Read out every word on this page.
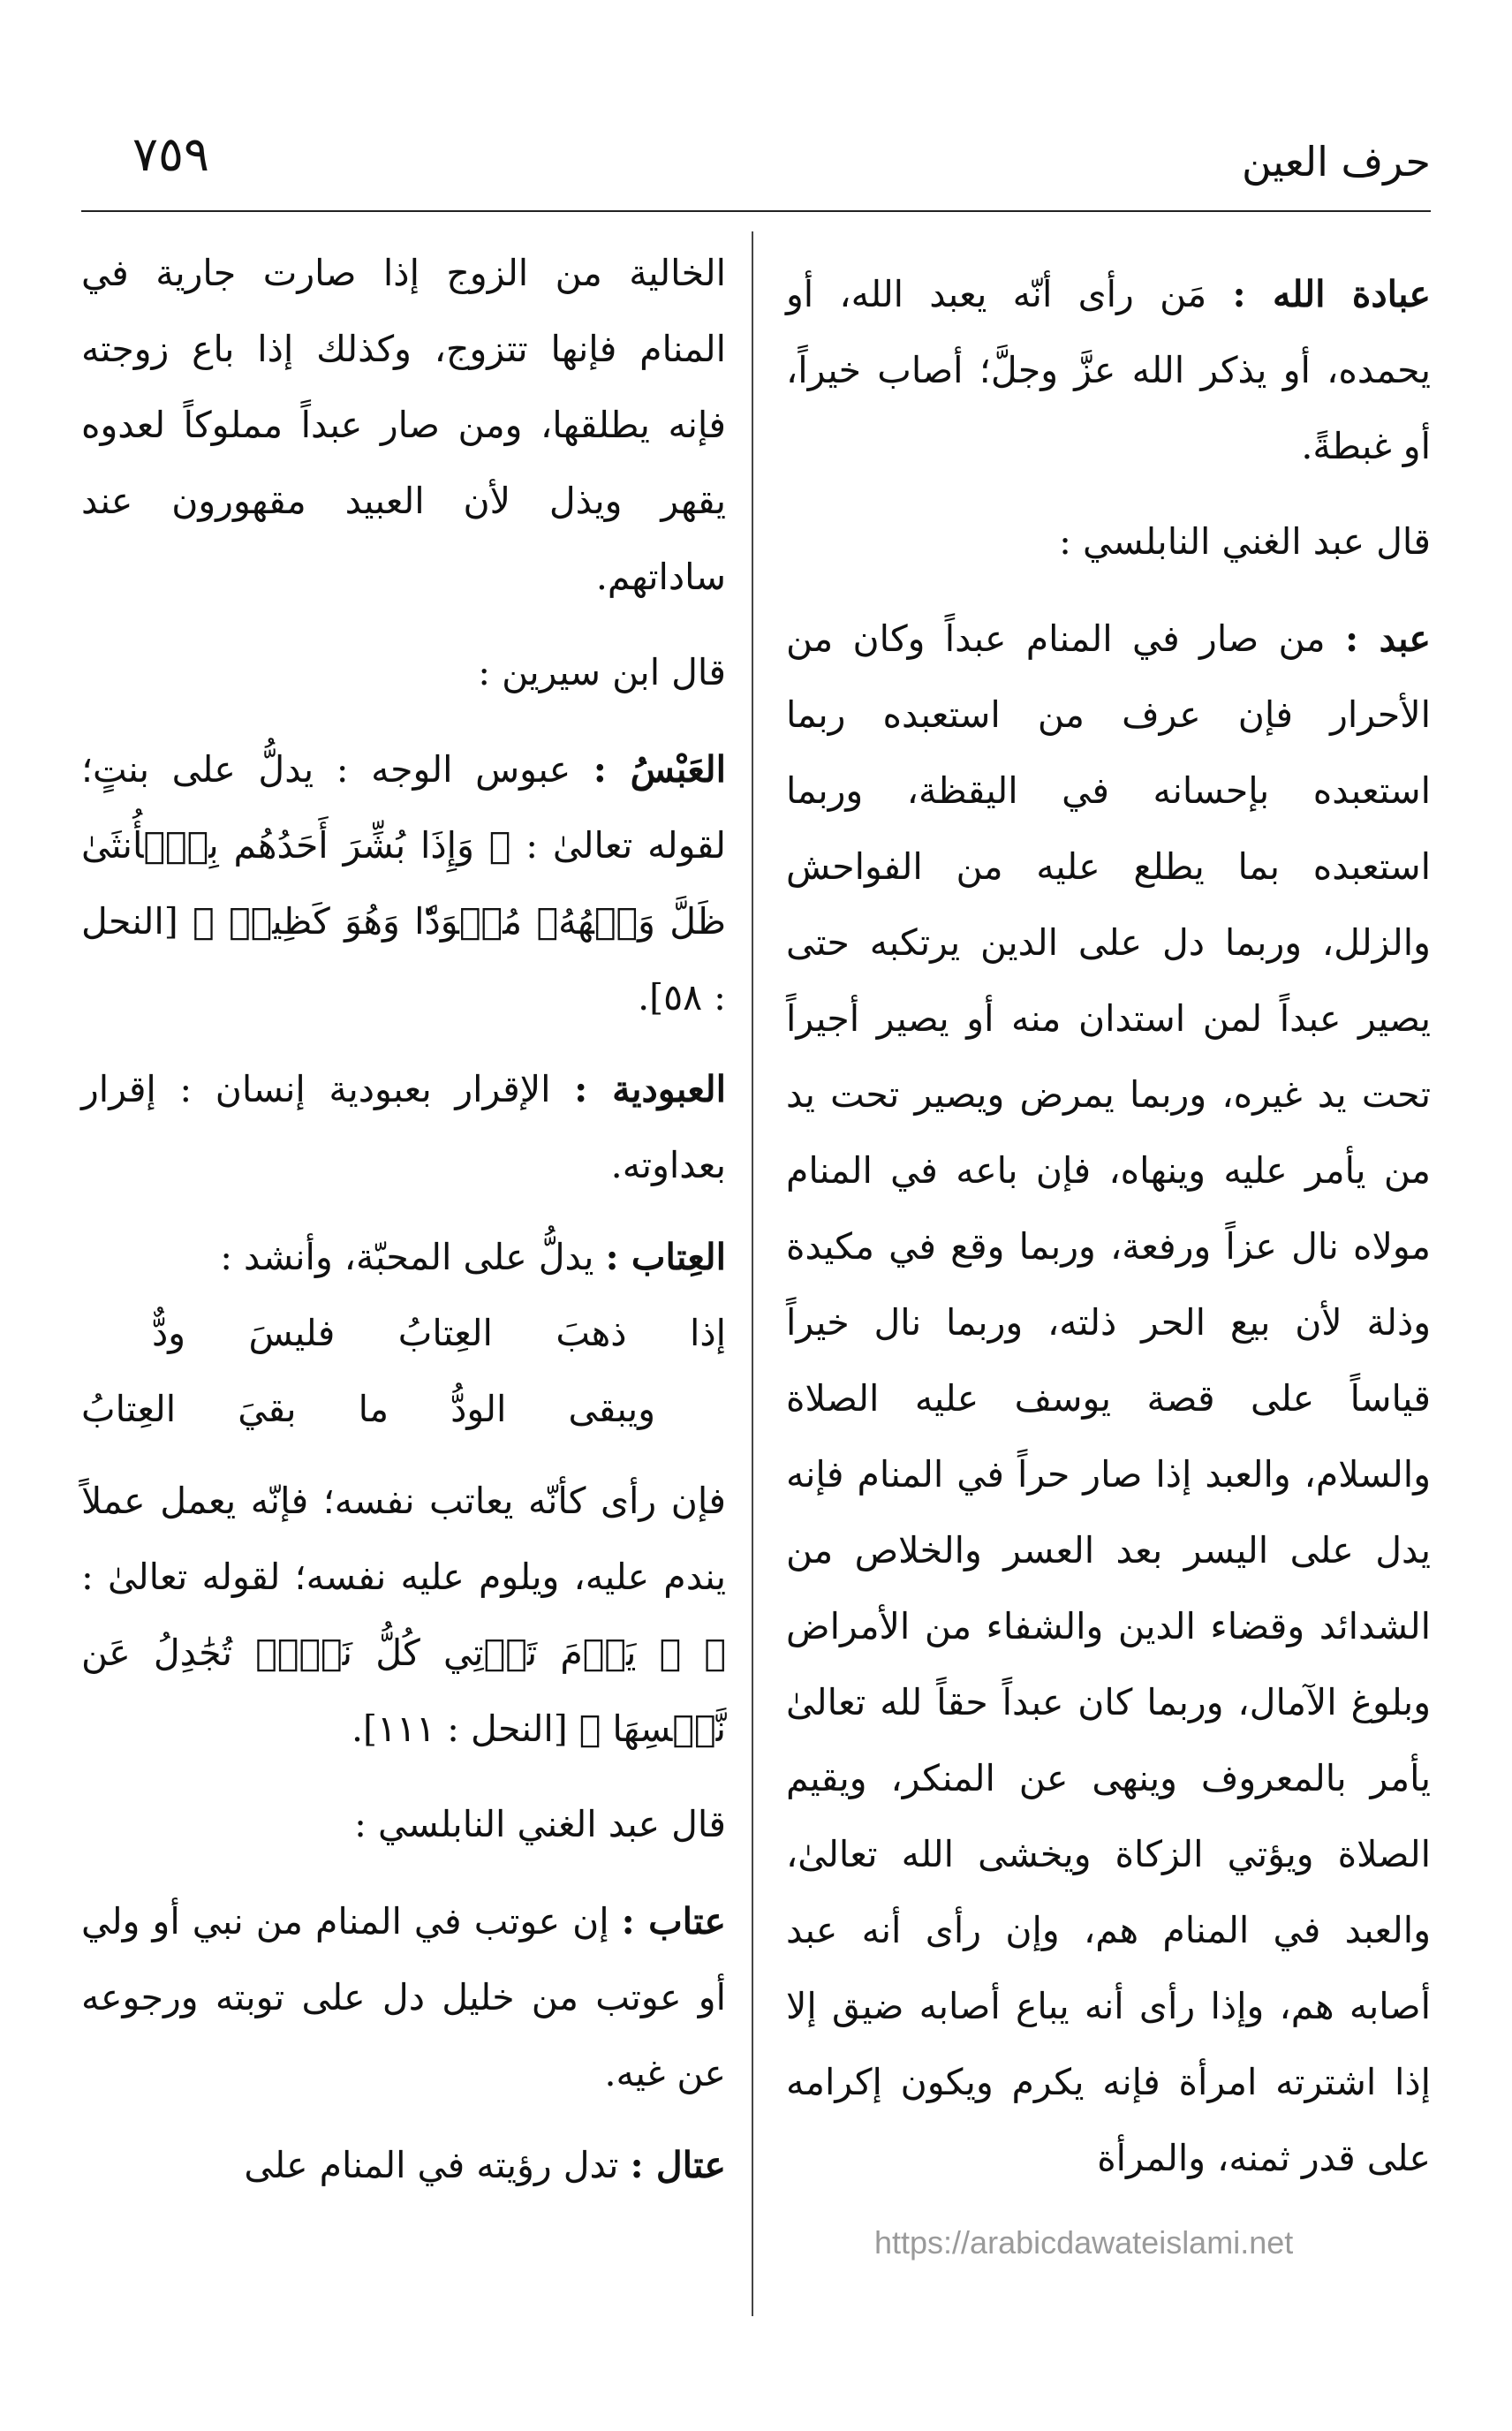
حرف العين
٧٥٩

عبادة الله : مَن رأى أنّه يعبد الله، أو يحمده، أو يذكر الله عزَّ وجلَّ؛ أصاب خيراً، أو غبطةً.

قال عبد الغني النابلسي :

عبد : من صار في المنام عبداً وكان من الأحرار فإن عرف من استعبده ربما استعبده بإحسانه في اليقظة، وربما استعبده بما يطلع عليه من الفواحش والزلل، وربما دل على الدين يرتكبه حتى يصير عبداً لمن استدان منه أو يصير أجيراً تحت يد غيره، وربما يمرض ويصير تحت يد من يأمر عليه وينهاه، فإن باعه في المنام مولاه نال عزاً ورفعة، وربما وقع في مكيدة وذلة لأن بيع الحر ذلته، وربما نال خيراً قياساً على قصة يوسف عليه الصلاة والسلام، والعبد إذا صار حراً في المنام فإنه يدل على اليسر بعد العسر والخلاص من الشدائد وقضاء الدين والشفاء من الأمراض وبلوغ الآمال، وربما كان عبداً حقاً لله تعالىٰ يأمر بالمعروف وينهى عن المنكر، ويقيم الصلاة ويؤتي الزكاة ويخشى الله تعالىٰ، والعبد في المنام هم، وإن رأى أنه عبد أصابه هم، وإذا رأى أنه يباع أصابه ضيق إلا إذا اشترته امرأة فإنه يكرم ويكون إكرامه على قدر ثمنه، والمرأة

الخالية من الزوج إذا صارت جارية في المنام فإنها تتزوج، وكذلك إذا باع زوجته فإنه يطلقها، ومن صار عبداً مملوكاً لعدوه يقهر ويذل لأن العبيد مقهورون عند ساداتهم.

قال ابن سيرين :

العَبْسُ : عبوس الوجه : يدلُّ على بنتٍ؛ لقوله تعالىٰ : ﴿ وَإِذَا بُشِّرَ أَحَدُهُم بِٱلۡأُنثَىٰ ظَلَّ وَجۡهُهُۥ مُسۡوَدّٗا وَهُوَ كَظِيمٞ ﴾ [النحل : ٥٨].

العبودية : الإقرار بعبودية إنسان : إقرار بعداوته.

العِتاب : يدلُّ على المحبّة، وأنشد :

إذا ذهبَ العِتابُ فليسَ ودٌّ

ويبقى الودُّ ما بقيَ العِتابُ

فإن رأى كأنّه يعاتب نفسه؛ فإنّه يعمل عملاً يندم عليه، ويلوم عليه نفسه؛ لقوله تعالىٰ : ﴿ ۞ يَوۡمَ تَأۡتِي كُلُّ نَفۡسٖ تُجَٰدِلُ عَن نَّفۡسِهَا ﴾ [النحل : ١١١].

قال عبد الغني النابلسي :

عتاب : إن عوتب في المنام من نبي أو ولي أو عوتب من خليل دل على توبته ورجوعه عن غيه.

عتال : تدل رؤيته في المنام على

https://arabicdawateislami.net
